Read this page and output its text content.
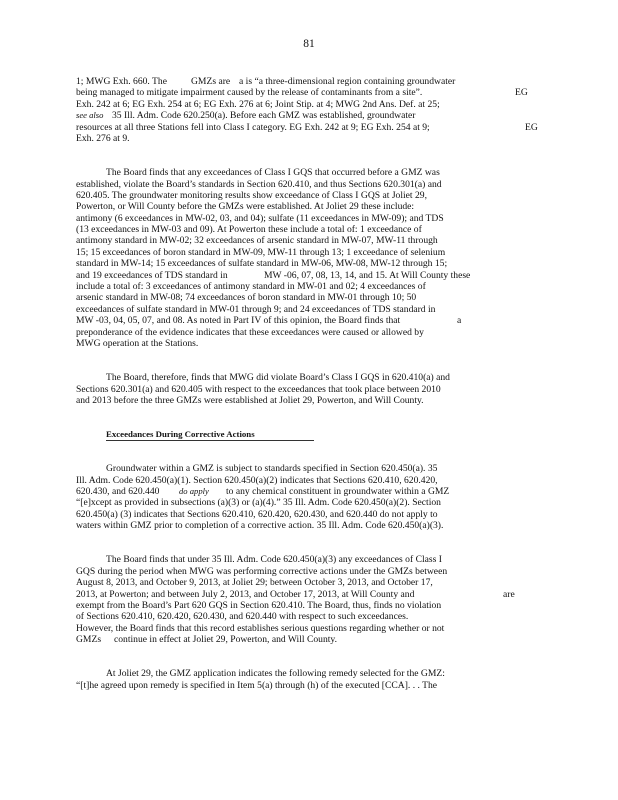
81
1; MWG Exh. 660. The	GMZs are a is “a three-dimensional region containing groundwater
being managed to mitigate impairment caused by the release of contaminants from a site”.	EG
Exh. 242 at 6; EG Exh. 254 at 6; EG Exh. 276 at 6; Joint Stip. at 4; MWG 2nd Ans. Def. at 25;
see also 35 Ill. Adm. Code 620.250(a). Before each GMZ was established, groundwater
resources at all three Stations fell into Class I category. EG Exh. 242 at 9; EG Exh. 254 at 9;	EG
Exh. 276 at 9.
The Board finds that any exceedances of Class I GQS that occurred before a GMZ was
established, violate the Board’s standards in Section 620.410, and thus Sections 620.301(a) and
620.405. The groundwater monitoring results show exceedance of Class I GQS at Joliet 29,
Powerton, or Will County before the GMZs were established. At Joliet 29 these include:
antimony (6 exceedances in MW-02, 03, and 04); sulfate (11 exceedances in MW-09); and TDS
(13 exceedances in MW-03 and 09). At Powerton these include a total of: 1 exceedance of
antimony standard in MW-02; 32 exceedances of arsenic standard in MW-07, MW-11 through
15; 15 exceedances of boron standard in MW-09, MW-11 through 13; 1 exceedance of selenium
standard in MW-14; 15 exceedances of sulfate standard in MW-06, MW-08, MW-12 through 15;
and 19 exceedances of TDS standard in	MW -06, 07, 08, 13, 14, and 15. At Will County these
include a total of: 3 exceedances of antimony standard in MW-01 and 02; 4 exceedances of
arsenic standard in MW-08; 74 exceedances of boron standard in MW-01 through 10; 50
exceedances of sulfate standard in MW-01 through 9; and 24 exceedances of TDS standard in
MW -03, 04, 05, 07, and 08. As noted in Part IV of this opinion, the Board finds that	a
preponderance of the evidence indicates that these exceedances were caused or allowed by
MWG operation at the Stations.
The Board, therefore, finds that MWG did violate Board’s Class I GQS in 620.410(a) and
Sections 620.301(a) and 620.405 with respect to the exceedances that took place between 2010
and 2013 before the three GMZs were established at Joliet 29, Powerton, and Will County.
Exceedances During Corrective Actions
Groundwater within a GMZ is subject to standards specified in Section 620.450(a). 35
Ill. Adm. Code 620.450(a)(1). Section 620.450(a)(2) indicates that Sections 620.410, 620.420,
620.430, and 620.440 do apply to any chemical constituent in groundwater within a GMZ
“[e]xcept as provided in subsections (a)(3) or (a)(4).” 35 Ill. Adm. Code 620.450(a)(2). Section
620.450(a) (3) indicates that Sections 620.410, 620.420, 620.430, and 620.440 do not apply to
waters within GMZ prior to completion of a corrective action. 35 Ill. Adm. Code 620.450(a)(3).
The Board finds that under 35 Ill. Adm. Code 620.450(a)(3) any exceedances of Class I
GQS during the period when MWG was performing corrective actions under the GMZs between
August 8, 2013, and October 9, 2013, at Joliet 29; between October 3, 2013, and October 17,
2013, at Powerton; and between July 2, 2013, and October 17, 2013, at Will County and	are
exempt from the Board’s Part 620 GQS in Section 620.410. The Board, thus, finds no violation
of Sections 620.410, 620.420, 620.430, and 620.440 with respect to such exceedances.
However, the Board finds that this record establishes serious questions regarding whether or not
GMZs continue in effect at Joliet 29, Powerton, and Will County.
At Joliet 29, the GMZ application indicates the following remedy selected for the GMZ:
“[t]he agreed upon remedy is specified in Item 5(a) through (h) of the executed [CCA]. . . The
